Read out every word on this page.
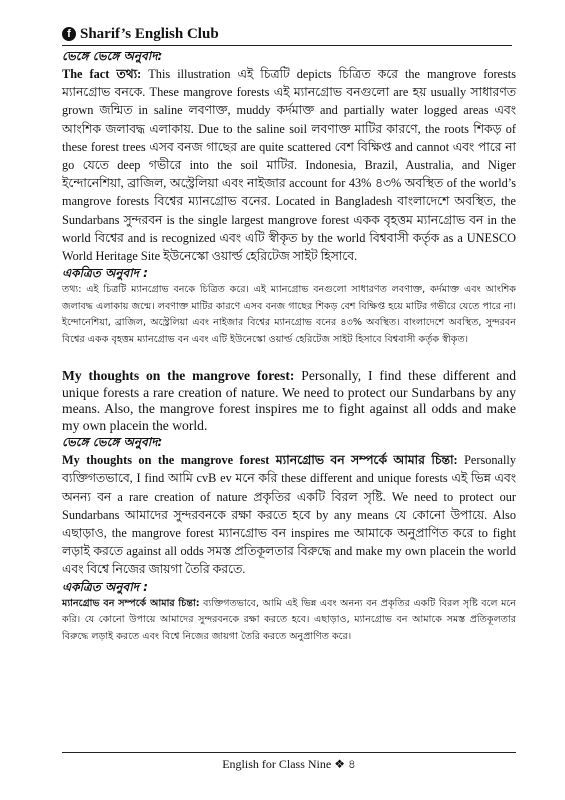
f Sharif’s English Club
ভেঙ্গে ভেঙ্গে অনুবাদ:

The fact তথ্য: This illustration এই চিত্রটি depicts চিত্রিত করে the mangrove forests ম্যানগ্রোভ বনকে. These mangrove forests এই ম্যানগ্রোভ বনগুলো are হয় usually সাধারণত grown জন্মিত in saline লবণাক্ত, muddy কর্দমাক্ত and partially water logged areas এবং আংশিক জলাবদ্ধ এলাকায়. Due to the saline soil লবণাক্ত মাটির কারণে, the roots শিকড় of these forest trees এসব বনজ গাছের are quite scattered বেশ বিক্ষিপ্ত and cannot এবং পারে না go যেতে deep গভীরে into the soil মাটির. Indonesia, Brazil, Australia, and Niger ইন্দোনেশিয়া, ব্রাজিল, অস্ট্রেলিয়া এবং নাইজার account for 43% ৪৩% অবস্থিত of the world’s mangrove forests বিশ্বের ম্যানগ্রোভ বনের. Located in Bangladesh বাংলাদেশে অবস্থিত, the Sundarbans সুন্দরবন is the single largest mangrove forest একক বৃহত্তম ম্যানগ্রোভ বন in the world বিশ্বের and is recognized এবং এটি স্বীকৃত by the world বিশ্ববাসী কর্তৃক as a UNESCO World Heritage Site ইউনেস্কো ওয়ার্ল্ড হেরিটেজ সাইট হিসাবে.

একত্রিত অনুবাদ :

তথ্য: এই চিত্রটি ম্যানগ্রোভ বনকে চিত্রিত করে। এই ম্যানগ্রোভ বনগুলো সাধারণত লবণাক্ত, কর্দমাক্ত এবং আংশিক জলাবদ্ধ এলাকায় জন্মে। লবণাক্ত মাটির কারণে এসব বনজ গাছের শিকড় বেশ বিক্ষিপ্ত হয়ে মাটির গভীরে যেতে পারে না। ইন্দোনেশিয়া, ব্রাজিল, অস্ট্রেলিয়া এবং নাইজার বিশ্বের ম্যানগ্রোভ বনের ৪৩% অবস্থিত। বাংলাদেশে অবস্থিত, সুন্দরবন বিশ্বের একক বৃহত্তম ম্যানগ্রোভ বন এবং এটি ইউনেস্কো ওয়ার্ল্ড হেরিটেজ সাইট হিসাবে বিশ্ববাসী কর্তৃক স্বীকৃত।

My thoughts on the mangrove forest: Personally, I find these different and unique forests a rare creation of nature. We need to protect our Sundarbans by any means. Also, the mangrove forest inspires me to fight against all odds and make my own placein the world.

ভেঙ্গে ভেঙ্গে অনুবাদ:

My thoughts on the mangrove forest ম্যানগ্রোভ বন সম্পর্কে আমার চিন্তা: Personally ব্যক্তিগতভাবে, I find আমি cvB ev মনে করি these different and unique forests এই ভিন্ন এবং অনন্য বন a rare creation of nature প্রকৃতির একটি বিরল সৃষ্টি. We need to protect our Sundarbans আমাদের সুন্দরবনকে রক্ষা করতে হবে by any means যে কোনো উপায়ে. Also এছাড়াও, the mangrove forest ম্যানগ্রোভ বন inspires me আমাকে অনুপ্রাণিত করে to fight লড়াই করতে against all odds সমস্ত প্রতিকূলতার বিরুদ্ধে and make my own placein the world এবং বিশ্বে নিজের জায়গা তৈরি করতে.

একত্রিত অনুবাদ :

ম্যানগ্রোভ বন সম্পর্কে আমার চিন্তা: ব্যক্তিগতভাবে, আমি এই ভিন্ন এবং অনন্য বন প্রকৃতির একটি বিরল সৃষ্টি বলে মনে করি। যে কোনো উপায়ে আমাদের সুন্দরবনকে রক্ষা করতে হবে। এছাড়াও, ম্যানগ্রোভ বন আমাকে সমস্ত প্রতিকূলতার বিরুদ্ধে লড়াই করতে এবং বিশ্বে নিজের জায়গা তৈরি করতে অনুপ্রাণিত করে।

English for Class Nine ❖ ৪
